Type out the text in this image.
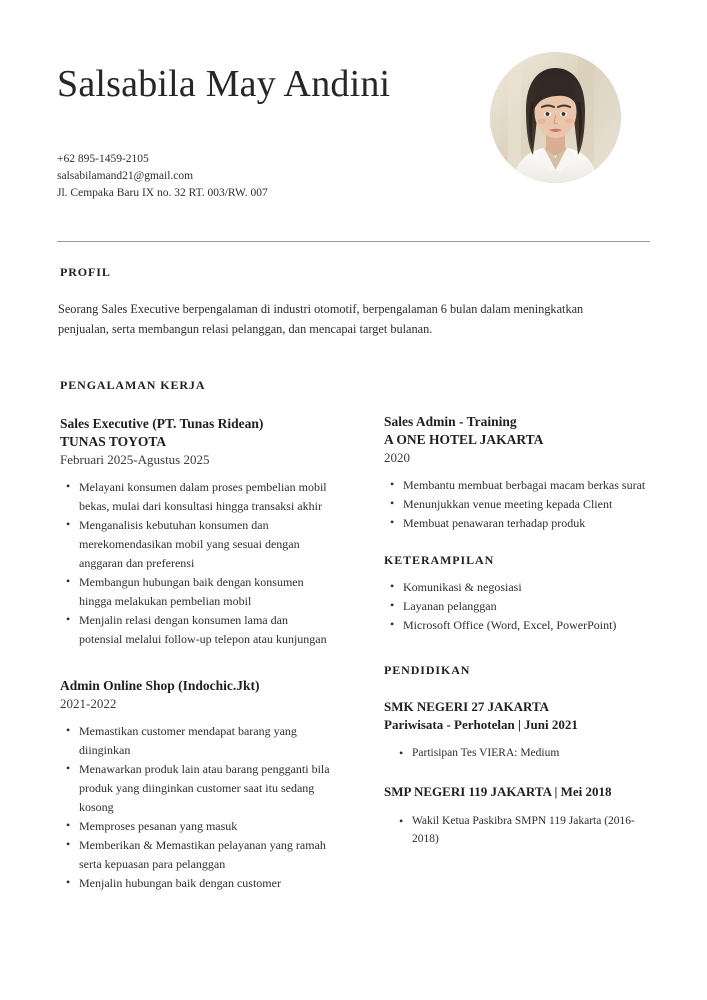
Salsabila May Andini
+62 895-1459-2105
salsabilamand21@gmail.com
Jl. Cempaka Baru IX no. 32 RT. 003/RW. 007
PROFIL
Seorang Sales Executive berpengalaman di industri otomotif, berpengalaman 6 bulan dalam meningkatkan penjualan, serta membangun relasi pelanggan, dan mencapai target bulanan.
PENGALAMAN KERJA
Sales Executive (PT. Tunas Ridean)
TUNAS TOYOTA
Februari 2025-Agustus 2025
• Melayani konsumen dalam proses pembelian mobil bekas, mulai dari konsultasi hingga transaksi akhir
• Menganalisis kebutuhan konsumen dan merekomendasikan mobil yang sesuai dengan anggaran dan preferensi
• Membangun hubungan baik dengan konsumen hingga melakukan pembelian mobil
• Menjalin relasi dengan konsumen lama dan potensial melalui follow-up telepon atau kunjungan
Admin Online Shop (Indochic.Jkt)
2021-2022
• Memastikan customer mendapat barang yang diinginkan
• Menawarkan produk lain atau barang pengganti bila produk yang diinginkan customer saat itu sedang kosong
• Memproses pesanan yang masuk
• Memberikan & Memastikan pelayanan yang ramah serta kepuasan para pelanggan
• Menjalin hubungan baik dengan customer
Sales Admin - Training
A ONE HOTEL JAKARTA
2020
• Membantu membuat berbagai macam berkas surat
• Menunjukkan venue meeting kepada Client
• Membuat penawaran terhadap produk
KETERAMPILAN
• Komunikasi & negosiasi
• Layanan pelanggan
• Microsoft Office (Word, Excel, PowerPoint)
PENDIDIKAN
SMK NEGERI 27 JAKARTA
Pariwisata - Perhotelan | Juni 2021
• Partisipan Tes VIERA: Medium
SMP NEGERI 119 JAKARTA | Mei 2018
• Wakil Ketua Paskibra SMPN 119 Jakarta (2016-2018)
